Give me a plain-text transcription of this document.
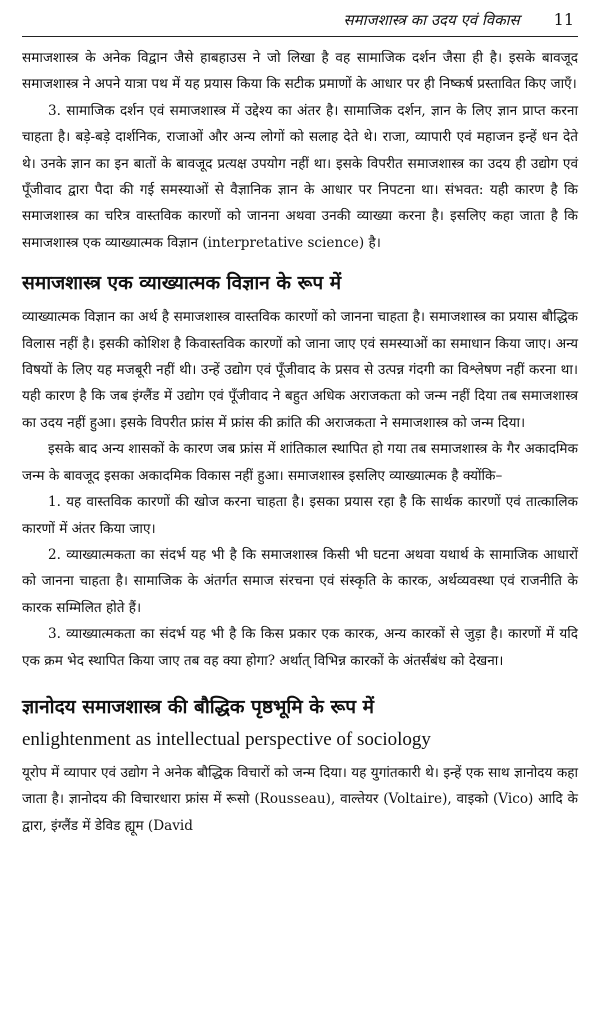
समाजशास्त्र का उदय एवं विकास 11

समाजशास्त्र के अनेक विद्वान जैसे हाबहाउस ने जो लिखा है वह सामाजिक दर्शन जैसा ही है। इसके बावजूद समाजशास्त्र ने अपने यात्रा पथ में यह प्रयास किया कि सटीक प्रमाणों के आधार पर ही निष्कर्ष प्रस्तावित किए जाएँ।

3. सामाजिक दर्शन एवं समाजशास्त्र में उद्देश्य का अंतर है। सामाजिक दर्शन, ज्ञान के लिए ज्ञान प्राप्त करना चाहता है। बड़े-बड़े दार्शनिक, राजाओं और अन्य लोगों को सलाह देते थे। राजा, व्यापारी एवं महाजन इन्हें धन देते थे। उनके ज्ञान का इन बातों के बावजूद प्रत्यक्ष उपयोग नहीं था। इसके विपरीत समाजशास्त्र का उदय ही उद्योग एवं पूँजीवाद द्वारा पैदा की गई समस्याओं से वैज्ञानिक ज्ञान के आधार पर निपटना था। संभवत: यही कारण है कि समाजशास्त्र का चरित्र वास्तविक कारणों को जानना अथवा उनकी व्याख्या करना है। इसलिए कहा जाता है कि समाजशास्त्र एक व्याख्यात्मक विज्ञान (interpretative science) है।

समाजशास्त्र एक व्याख्यात्मक विज्ञान के रूप में

व्याख्यात्मक विज्ञान का अर्थ है समाजशास्त्र वास्तविक कारणों को जानना चाहता है। समाजशास्त्र का प्रयास बौद्धिक विलास नहीं है। इसकी कोशिश है किवास्तविक कारणों को जाना जाए एवं समस्याओं का समाधान किया जाए। अन्य विषयों के लिए यह मजबूरी नहीं थी। उन्हें उद्योग एवं पूँजीवाद के प्रसव से उत्पन्न गंदगी का विश्लेषण नहीं करना था। यही कारण है कि जब इंग्लैंड में उद्योग एवं पूँजीवाद ने बहुत अधिक अराजकता को जन्म नहीं दिया तब समाजशास्त्र का उदय नहीं हुआ। इसके विपरीत फ्रांस में फ्रांस की क्रांति की अराजकता ने समाजशास्त्र को जन्म दिया।

इसके बाद अन्य शासकों के कारण जब फ्रांस में शांतिकाल स्थापित हो गया तब समाजशास्त्र के गैर अकादमिक जन्म के बावजूद इसका अकादमिक विकास नहीं हुआ। समाजशास्त्र इसलिए व्याख्यात्मक है क्योंकि–

1. यह वास्तविक कारणों की खोज करना चाहता है। इसका प्रयास रहा है कि सार्थक कारणों एवं तात्कालिक कारणों में अंतर किया जाए।

2. व्याख्यात्मकता का संदर्भ यह भी है कि समाजशास्त्र किसी भी घटना अथवा यथार्थ के सामाजिक आधारों को जानना चाहता है। सामाजिक के अंतर्गत समाज संरचना एवं संस्कृति के कारक, अर्थव्यवस्था एवं राजनीति के कारक सम्मिलित होते हैं।

3. व्याख्यात्मकता का संदर्भ यह भी है कि किस प्रकार एक कारक, अन्य कारकों से जुड़ा है। कारणों में यदि एक क्रम भेद स्थापित किया जाए तब वह क्या होगा? अर्थात् विभिन्न कारकों के अंतर्संबंध को देखना।

ज्ञानोदय समाजशास्त्र की बौद्धिक पृष्ठभूमि के रूप में
enlightenment as intellectual perspective of sociology

यूरोप में व्यापार एवं उद्योग ने अनेक बौद्धिक विचारों को जन्म दिया। यह युगांतकारी थे। इन्हें एक साथ ज्ञानोदय कहा जाता है। ज्ञानोदय की विचारधारा फ्रांस में रूसो (Rousseau), वाल्तेयर (Voltaire), वाइको (Vico) आदि के द्वारा, इंग्लैंड में डेविड ह्यूम (David
